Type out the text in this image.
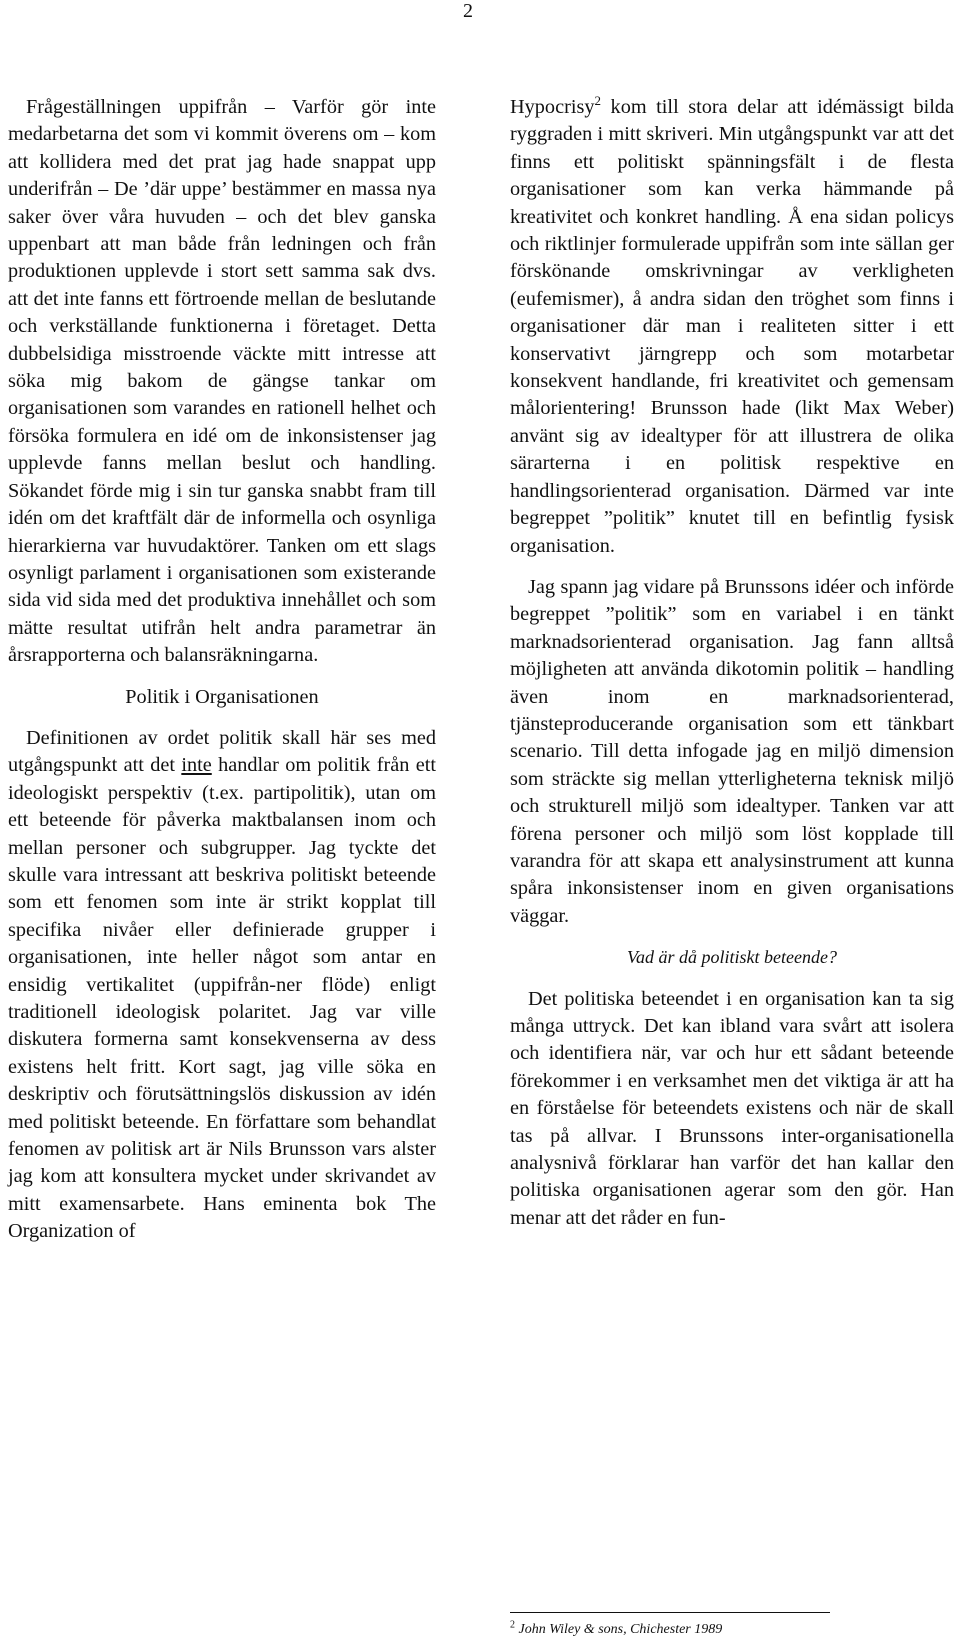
2

Frågeställningen uppifrån – Varför gör inte medarbetarna det som vi kommit överens om – kom att kollidera med det prat jag hade snappat upp underifrån – De ’där uppe’ bestämmer en massa nya saker över våra huvuden – och det blev ganska uppenbart att man både från ledningen och från produktionen upplevde i stort sett samma sak dvs. att det inte fanns ett förtroende mellan de beslutande och verkställande funktionerna i företaget. Detta dubbelsidiga misstroende väckte mitt intresse att söka mig bakom de gängse tankar om organisationen som varandes en rationell helhet och försöka formulera en idé om de inkonsistenser jag upplevde fanns mellan beslut och handling. Sökandet förde mig i sin tur ganska snabbt fram till idén om det kraftfält där de informella och osynliga hierarkierna var huvudaktörer. Tanken om ett slags osynligt parlament i organisationen som existerande sida vid sida med det produktiva innehållet och som mätte resultat utifrån helt andra parametrar än årsrapporterna och balansräkningarna.

Politik i Organisationen

Definitionen av ordet politik skall här ses med utgångspunkt att det inte handlar om politik från ett ideologiskt perspektiv (t.ex. partipolitik), utan om ett beteende för påverka maktbalansen inom och mellan personer och subgrupper. Jag tyckte det skulle vara intressant att beskriva politiskt beteende som ett fenomen som inte är strikt kopplat till specifika nivåer eller definierade grupper i organisationen, inte heller något som antar en ensidig vertikalitet (uppifrån-ner flöde) enligt traditionell ideologisk polaritet. Jag var ville diskutera formerna samt konsekvenserna av dess existens helt fritt. Kort sagt, jag ville söka en deskriptiv och förutsättningslös diskussion av idén med politiskt beteende. En författare som behandlat fenomen av politisk art är Nils Brunsson vars alster jag kom att konsultera mycket under skrivandet av mitt examensarbete. Hans eminenta bok The Organization of

Hypocrisy$^2$ kom till stora delar att idémässigt bilda ryggraden i mitt skriveri. Min utgångspunkt var att det finns ett politiskt spänningsfält i de flesta organisationer som kan verka hämmande på kreativitet och konkret handling. Å ena sidan policys och riktlinjer formulerade uppifrån som inte sällan ger förskönande omskrivningar av verkligheten (eufemismer), å andra sidan den tröghet som finns i organisationer där man i realiteten sitter i ett konservativt järngrepp och som motarbetar konsekvent handlande, fri kreativitet och gemensam målorientering! Brunsson hade (likt Max Weber) använt sig av idealtyper för att illustrera de olika särarterna i en politisk respektive en handlingsorienterad organisation. Därmed var inte begreppet ”politik” knutet till en befintlig fysisk organisation.

Jag spann jag vidare på Brunssons idéer och införde begreppet ”politik” som en variabel i en tänkt marknadsorienterad organisation. Jag fann alltså möjligheten att använda dikotomin politik – handling även inom en marknadsorienterad, tjänsteproducerande organisation som ett tänkbart scenario. Till detta infogade jag en miljö dimension som sträckte sig mellan ytterligheterna teknisk miljö och strukturell miljö som idealtyper. Tanken var att förena personer och miljö som löst kopplade till varandra för att skapa ett analysinstrument att kunna spåra inkonsistenser inom en given organisations väggar.

Vad är då politiskt beteende?

Det politiska beteendet i en organisation kan ta sig många uttryck. Det kan ibland vara svårt att isolera och identifiera när, var och hur ett sådant beteende förekommer i en verksamhet men det viktiga är att ha en förståelse för beteendets existens och när de skall tas på allvar. I Brunssons inter-organisationella analysnivå förklarar han varför det han kallar den politiska organisationen agerar som den gör. Han menar att det råder en fun-

$^2$ John Wiley & sons, Chichester 1989
